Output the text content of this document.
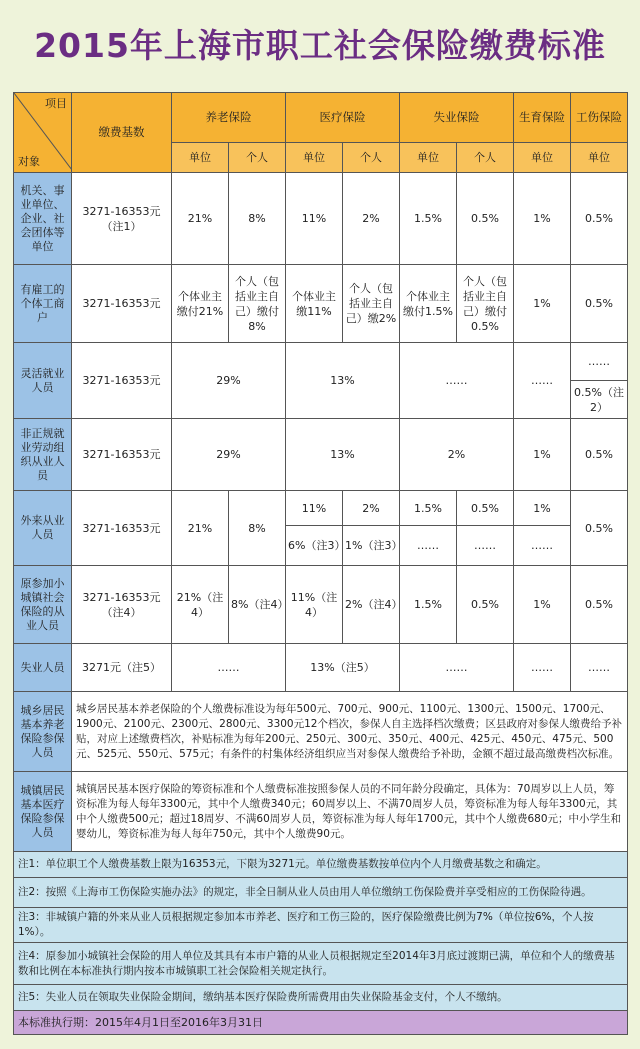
2015年上海市职工社会保险缴费标准
项目
对象	缴费基数	养老保险		医疗保险		失业保险		生育保险	工伤保险
		单位	个人	单位	个人	单位	个人	单位	单位
机关、事业单位、企业、社会团体等单位	3271-16353元（注1）	21%	8%	11%	2%	1.5%	0.5%	1%	0.5%
有雇工的个体工商户	3271-16353元	个体业主缴付21%	个人（包括业主自己）缴付8%	个体业主缴11%	个人（包括业主自己）缴2%	个体业主缴付1.5%	个人（包括业主自己）缴付0.5%	1%	0.5%
灵活就业人员	3271-16353元	29%		13%		……		……	……
									0.5%（注2）
非正规就业劳动组织从业人员	3271-16353元	29%		13%		2%		1%	0.5%
外来从业人员	3271-16353元	21%	8%	11%	2%	1.5%	0.5%	1%	0.5%
				6%（注3）	1%（注3）	……	……	……	
原参加小城镇社会保险的从业人员	3271-16353元（注4）	21%（注4）	8%（注4）	11%（注4）	2%（注4）	1.5%	0.5%	1%	0.5%
失业人员	3271元（注5）	……		13%（注5）		……		……	……
城乡居民基本养老保险参保人员	城乡居民基本养老保险的个人缴费标准设为每年500元、700元、900元、1100元、1300元、1500元、1700元、1900元、2100元、2300元、2800元、3300元12个档次，参保人自主选择档次缴费；区县政府对参保人缴费给予补贴，对应上述缴费档次，补贴标准为每年200元、250元、300元、350元、400元、425元、450元、475元、500元、525元、550元、575元；有条件的村集体经济组织应当对参保人缴费给予补助，金额不超过最高缴费档次标准。								
城镇居民基本医疗保险参保人员	城镇居民基本医疗保险的筹资标准和个人缴费标准按照参保人员的不同年龄分段确定，具体为：70周岁以上人员，筹资标准为每人每年3300元，其中个人缴费340元；60周岁以上、不满70周岁人员，筹资标准为每人每年3300元，其中个人缴费500元；超过18周岁、不满60周岁人员，筹资标准为每人每年1700元，其中个人缴费680元；中小学生和婴幼儿，筹资标准为每人每年750元，其中个人缴费90元。								
注1：单位职工个人缴费基数上限为16353元，下限为3271元。单位缴费基数按单位内个人月缴费基数之和确定。									
注2：按照《上海市工伤保险实施办法》的规定，非全日制从业人员由用人单位缴纳工伤保险费并享受相应的工伤保险待遇。									
注3：非城镇户籍的外来从业人员根据规定参加本市养老、医疗和工伤三险的，医疗保险缴费比例为7%（单位按6%，个人按1%）。									
注4：原参加小城镇社会保险的用人单位及其具有本市户籍的从业人员根据规定至2014年3月底过渡期已满，单位和个人的缴费基数和比例在本标准执行期内按本市城镇职工社会保险相关规定执行。									
注5：失业人员在领取失业保险金期间，缴纳基本医疗保险费所需费用由失业保险基金支付，个人不缴纳。									
本标准执行期：2015年4月1日至2016年3月31日									
